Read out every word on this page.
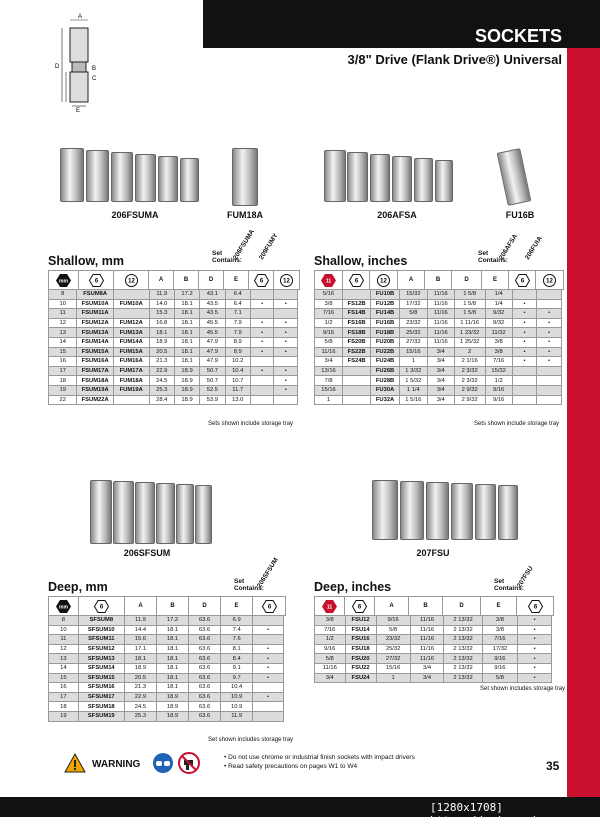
SOCKETS
3/8" Drive (Flank Drive®) Universal
A
B
C
D
E
206FSUMA	FUM18A	206AFSA	FU16B
Shallow, mm
Set Contains:
206FSUMA 209FUMY
mm	6	12	A	B	D	E	6	12
8	FSUM8A		11.9	17.2	43.1	6.4		
10	FSUM10A	FUM10A	14.0	18.1	43.5	6.4	•	•
11	FSUM11A		15.3	18.1	43.5	7.1		
12	FSUM12A	FUM12A	16.8	18.1	45.5	7.9	•	•
13	FSUM13A	FUM13A	18.1	18.1	45.5	7.9	•	•
14	FSUM14A	FUM14A	18.9	18.1	47.9	8.9	•	•
15	FSUM15A	FUM15A	20.5	18.1	47.9	8.9	•	•
16	FSUM16A	FUM16A	21.3	18.1	47.9	10.2		
17	FSUM17A	FUM17A	22.9	18.9	50.7	10.4	•	•
18	FSUM18A	FUM18A	24.5	18.9	50.7	10.7		•
19	FSUM19A	FUM19A	25.3	18.9	52.5	11.7		•
22	FSUM22A		28.4	18.9	53.9	13.0		
Sets shown include storage tray
Shallow, inches
Set Contains:
206AFSA 206FUIA
11	6	12	A	B	D	E	6	12
5/16		FU10B	15/32	11/16	1 5/8	1/4		
3/8	FS12B	FU12B	17/32	11/16	1 5/8	1/4	•	
7/16	FS14B	FU14B	5/8	11/16	1 5/8	9/32	•	•
1/2	FS16B	FU16B	23/32	11/16	1 11/16	9/32	•	•
9/16	FS18B	FU18B	25/32	11/16	1 23/32	11/32	•	•
5/8	FS20B	FU20B	27/32	11/16	1 25/32	3/8	•	•
11/16	FS22B	FU22B	15/16	3/4	2	3/8	•	•
3/4	FS24B	FU24B	1	3/4	2 1/16	7/16	•	•
13/16		FU26B	1 3/32	3/4	2 3/32	15/32		
7/8		FU28B	1 5/32	3/4	2 3/32	1/2		
15/16		FU30A	1 1/4	3/4	2 9/32	9/16		
1		FU32A	1 5/16	3/4	2 9/32	9/16		
Sets shown include storage tray
206SFSUM	207FSU
Deep, mm	Set Contains:
206SFSUM
mm	6	A	B	D	E	6
8	SFSUM8	11.9	17.2	63.6	6.9	
10	SFSUM10	14.4	18.1	63.6	7.4	•
11	SFSUM11	15.6	18.1	63.6	7.6	
12	SFSUM12	17.1	18.1	63.6	8.1	•
13	SFSUM13	18.1	18.1	63.6	8.4	•
14	SFSUM14	18.9	18.1	63.6	9.1	•
15	SFSUM15	20.5	18.1	63.6	9.7	•
16	SFSUM16	21.3	18.1	63.6	10.4	
17	SFSUM17	22.9	18.9	63.6	10.9	•
18	SFSUM18	24.5	18.9	63.6	10.9	
19	SFSUM19	25.3	18.9	63.6	11.9	
Set shown includes storage tray
Deep, inches	Set Contains:
207FSU
11	6	A	B	D	E	6
3/8	FSU12	9/16	11/16	2 13/32	3/8	•
7/16	FSU14	5/8	11/16	2 13/32	3/8	•
1/2	FSU16	23/32	11/16	2 13/32	7/16	•
9/16	FSU18	25/32	11/16	2 13/32	17/32	•
5/8	FSU20	27/32	11/16	2 13/32	9/16	•
11/16	FSU22	15/16	3/4	2 13/32	9/16	•
3/4	FSU24	1	3/4	2 13/32	5/8	•
Set shown includes storage tray
WARNING
• Do not use chrome or industrial finish sockets with impact drivers
• Read safety precautions on pages W1 to W4	35
[1280x1708] https://upic.me/
